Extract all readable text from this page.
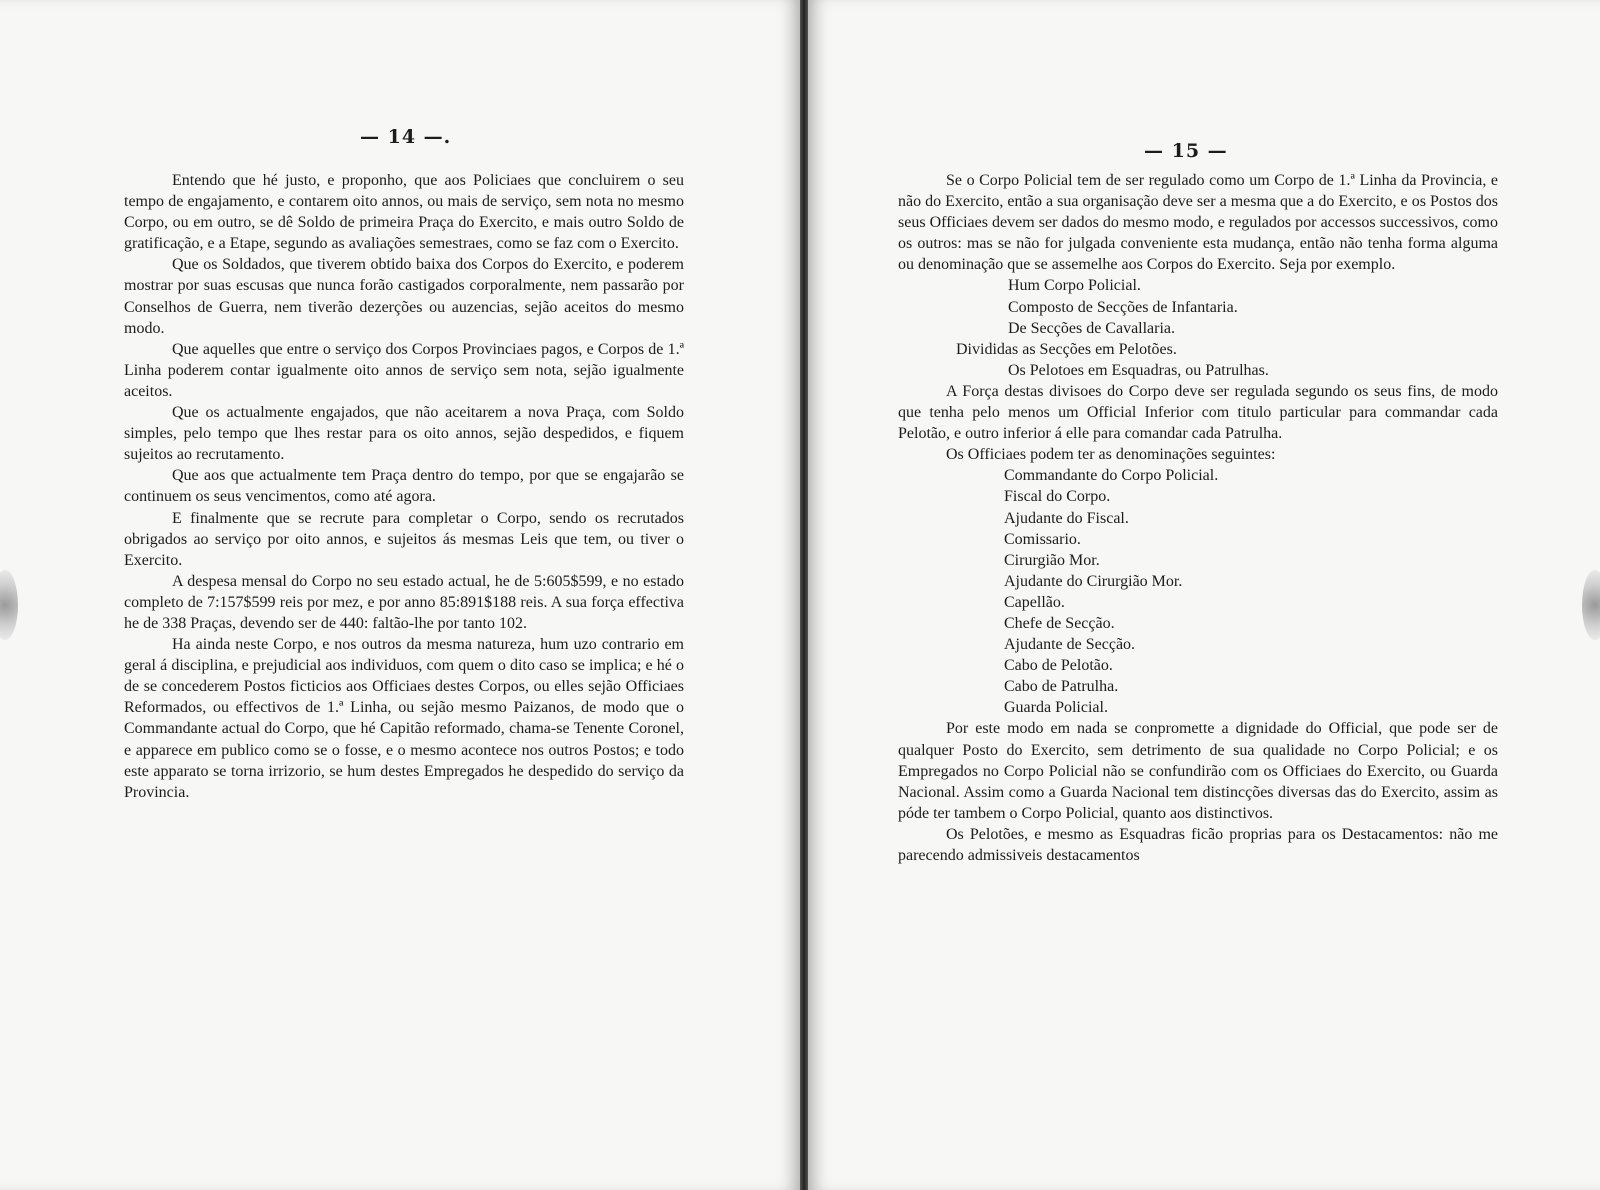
— 14 —.

Entendo que hé justo, e proponho, que aos Policiaes que concluirem o seu tempo de engajamento, e contarem oito annos, ou mais de serviço, sem nota no mesmo Corpo, ou em outro, se dê Soldo de primeira Praça do Exercito, e mais outro Soldo de gratificação, e a Etape, segundo as avaliações semestraes, como se faz com o Exercito.

Que os Soldados, que tiverem obtido baixa dos Corpos do Exercito, e poderem mostrar por suas escusas que nunca forão castigados corporalmente, nem passarão por Conselhos de Guerra, nem tiverão dezerções ou auzencias, sejão aceitos do mesmo modo.

Que aquelles que entre o serviço dos Corpos Provinciaes pagos, e Corpos de 1.ª Linha poderem contar igualmente oito annos de serviço sem nota, sejão igualmente aceitos.

Que os actualmente engajados, que não aceitarem a nova Praça, com Soldo simples, pelo tempo que lhes restar para os oito annos, sejão despedidos, e fiquem sujeitos ao recrutamento.

Que aos que actualmente tem Praça dentro do tempo, por que se engajarão se continuem os seus vencimentos, como até agora.

E finalmente que se recrute para completar o Corpo, sendo os recrutados obrigados ao serviço por oito annos, e sujeitos ás mesmas Leis que tem, ou tiver o Exercito.

A despesa mensal do Corpo no seu estado actual, he de 5:605$599, e no estado completo de 7:157$599 reis por mez, e por anno 85:891$188 reis. A sua força effectiva he de 338 Praças, devendo ser de 440: faltão-lhe por tanto 102.

Ha ainda neste Corpo, e nos outros da mesma natureza, hum uzo contrario em geral á disciplina, e prejudicial aos individuos, com quem o dito caso se implica; e hé o de se concederem Postos ficticios aos Officiaes destes Corpos, ou elles sejão Officiaes Reformados, ou effectivos de 1.ª Linha, ou sejão mesmo Paizanos, de modo que o Commandante actual do Corpo, que hé Capitão reformado, chama-se Tenente Coronel, e apparece em publico como se o fosse, e o mesmo acontece nos outros Postos; e todo este apparato se torna irrizorio, se hum destes Empregados he despedido do serviço da Provincia.

— 15 —

Se o Corpo Policial tem de ser regulado como um Corpo de 1.ª Linha da Provincia, e não do Exercito, então a sua organisação deve ser a mesma que a do Exercito, e os Postos dos seus Officiaes devem ser dados do mesmo modo, e regulados por accessos successivos, como os outros: mas se não for julgada conveniente esta mudança, então não tenha forma alguma ou denominação que se assemelhe aos Corpos do Exercito. Seja por exemplo.

Hum Corpo Policial.
Composto de Secções de Infantaria.
De Secções de Cavallaria.
Divididas as Secções em Pelotões.
Os Pelotoes em Esquadras, ou Patrulhas.

A Força destas divisoes do Corpo deve ser regulada segundo os seus fins, de modo que tenha pelo menos um Official Inferior com titulo particular para commandar cada Pelotão, e outro inferior á elle para comandar cada Patrulha.

Os Officiaes podem ter as denominações seguintes:

Commandante do Corpo Policial.
Fiscal do Corpo.
Ajudante do Fiscal.
Comissario.
Cirurgião Mor.
Ajudante do Cirurgião Mor.
Capellão.
Chefe de Secção.
Ajudante de Secção.
Cabo de Pelotão.
Cabo de Patrulha.
Guarda Policial.

Por este modo em nada se conpromette a dignidade do Official, que pode ser de qualquer Posto do Exercito, sem detrimento de sua qualidade no Corpo Policial; e os Empregados no Corpo Policial não se confundirão com os Officiaes do Exercito, ou Guarda Nacional. Assim como a Guarda Nacional tem distincções diversas das do Exercito, assim as póde ter tambem o Corpo Policial, quanto aos distinctivos.

Os Pelotões, e mesmo as Esquadras ficão proprias para os Destacamentos: não me parecendo admissiveis destacamentos
